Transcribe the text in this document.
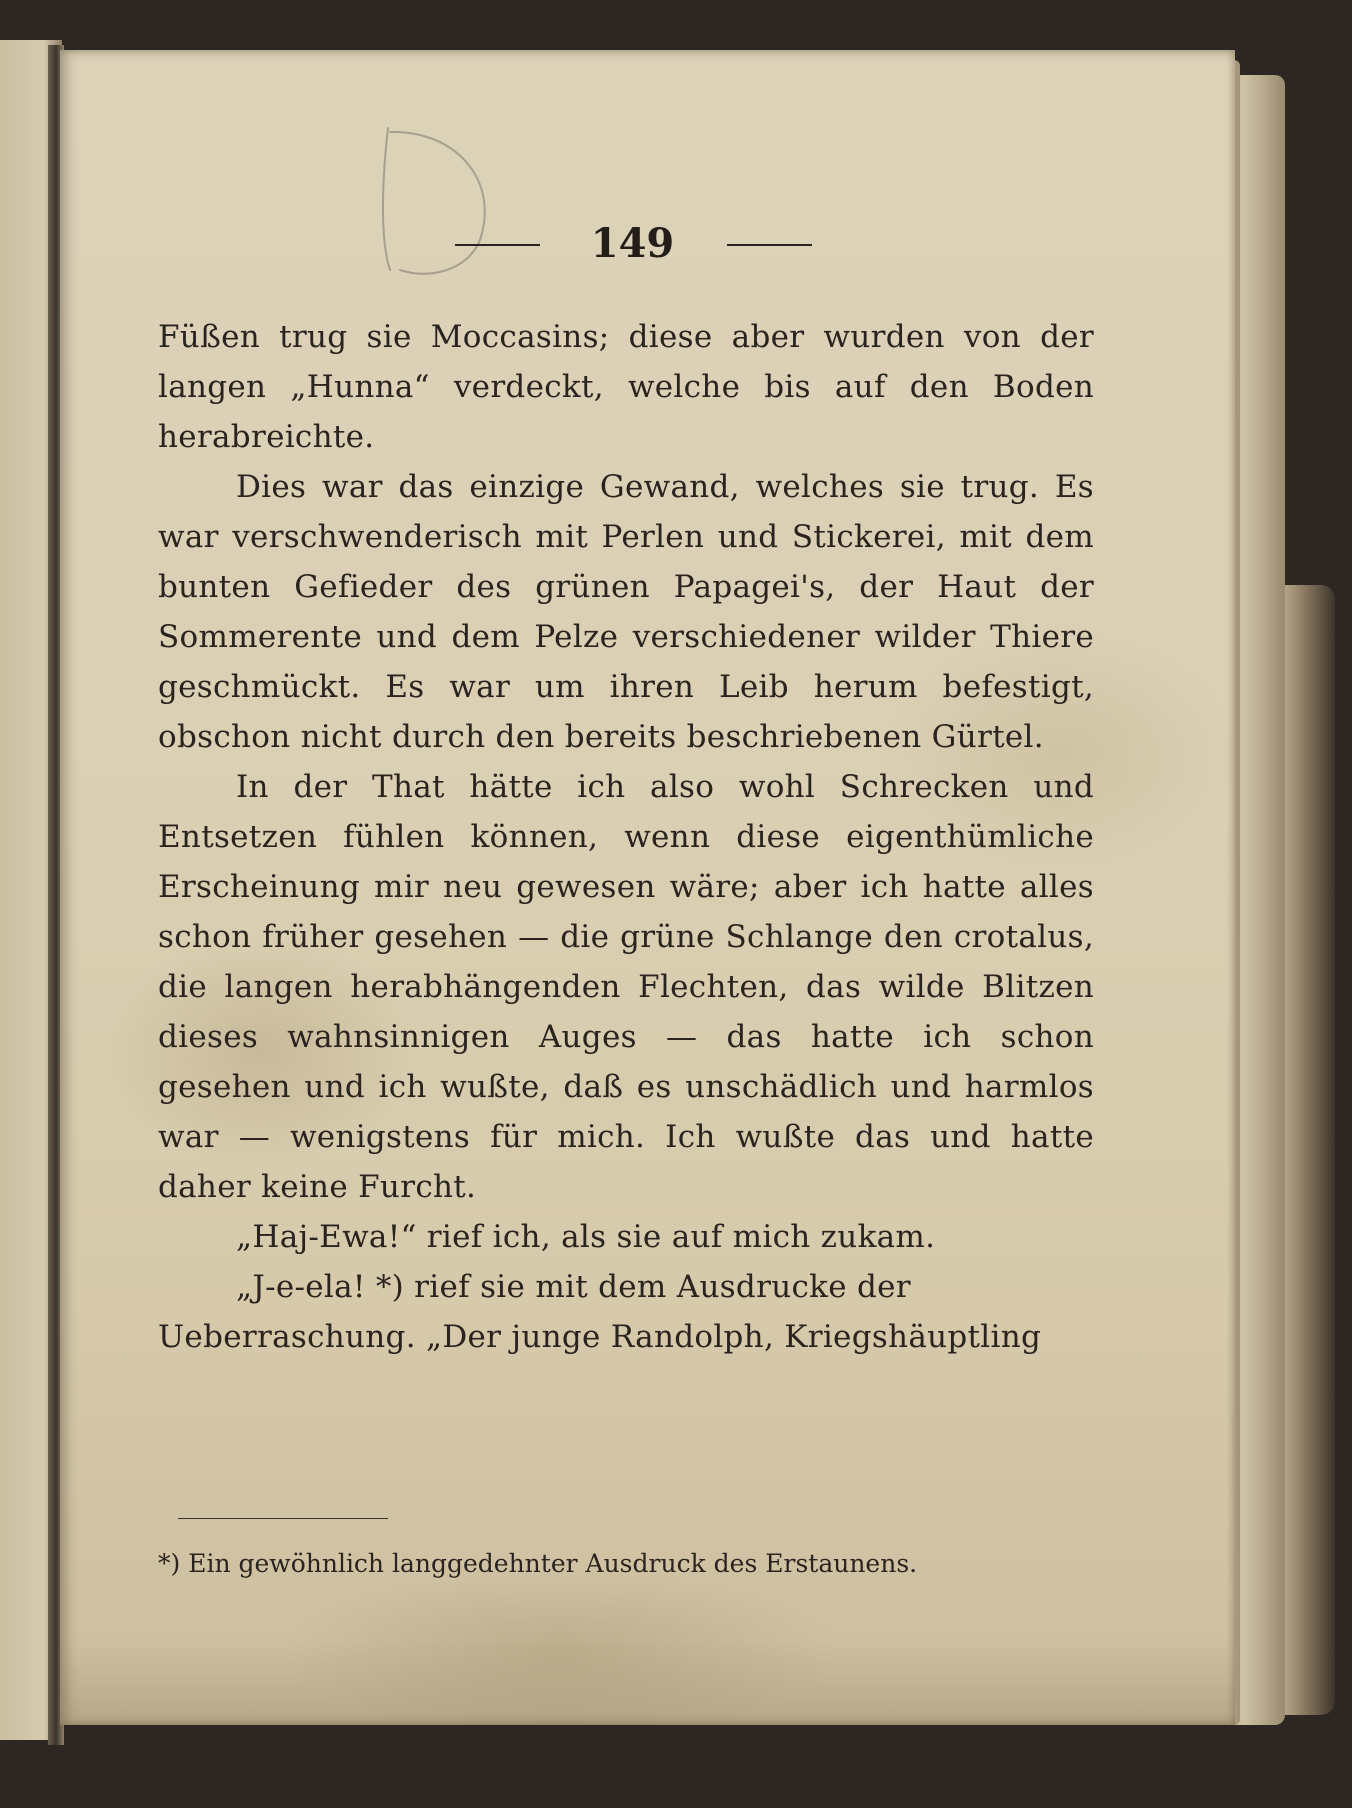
149

Füßen trug sie Moccasins; diese aber wurden von der langen „Hunna“ verdeckt, welche bis auf den Boden herabreichte.

Dies war das einzige Gewand, welches sie trug. Es war verschwenderisch mit Perlen und Stickerei, mit dem bunten Gefieder des grünen Papagei's, der Haut der Sommerente und dem Pelze verschiedener wilder Thiere geschmückt. Es war um ihren Leib herum befestigt, obschon nicht durch den bereits beschriebenen Gürtel.

In der That hätte ich also wohl Schrecken und Entsetzen fühlen können, wenn diese eigenthümliche Erscheinung mir neu gewesen wäre; aber ich hatte alles schon früher gesehen — die grüne Schlange den crotalus, die langen herabhängenden Flechten, das wilde Blitzen dieses wahnsinnigen Auges — das hatte ich schon gesehen und ich wußte, daß es unschädlich und harmlos war — wenigstens für mich. Ich wußte das und hatte daher keine Furcht.

„Haj-Ewa!“ rief ich, als sie auf mich zukam.

„J-e-ela! *) rief sie mit dem Ausdrucke der Ueberraschung. „Der junge Randolph, Kriegshäuptling

*) Ein gewöhnlich langgedehnter Ausdruck des Erstaunens.
